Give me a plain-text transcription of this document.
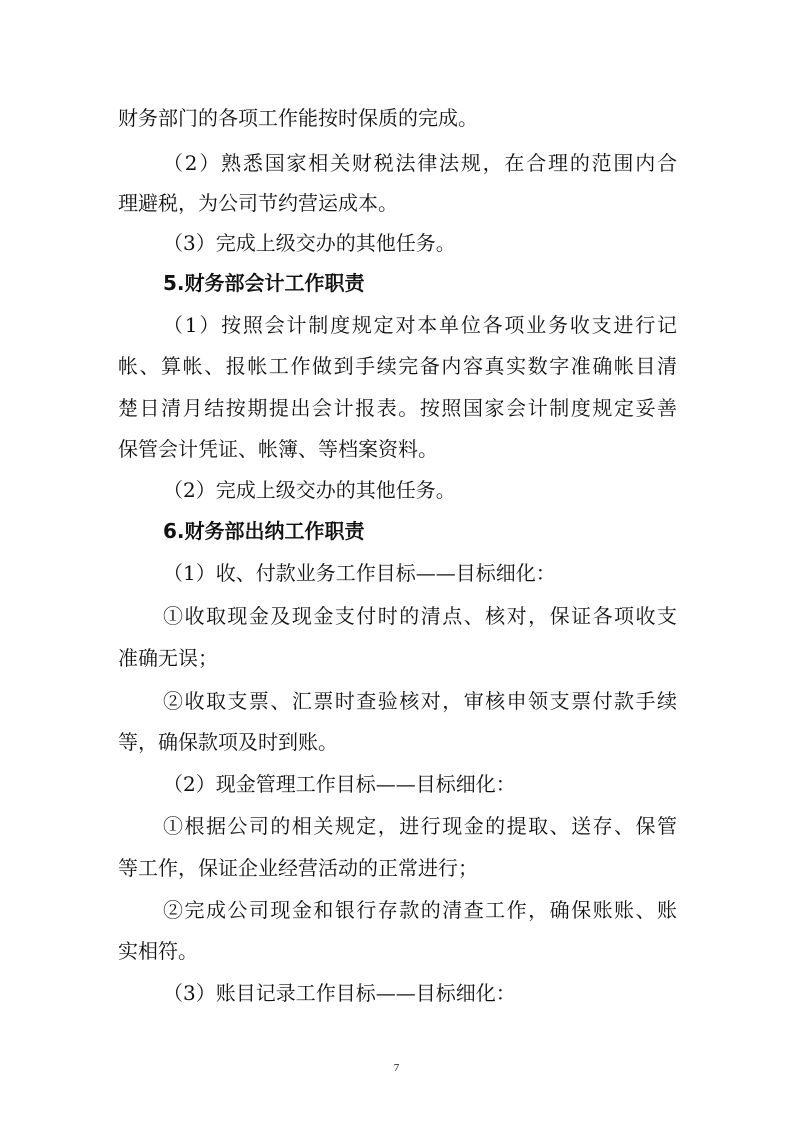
财务部门的各项工作能按时保质的完成。
（2）熟悉国家相关财税法律法规，在合理的范围内合
理避税，为公司节约营运成本。
（3）完成上级交办的其他任务。
5.财务部会计工作职责
（1）按照会计制度规定对本单位各项业务收支进行记
帐、算帐、报帐工作做到手续完备内容真实数字准确帐目清
楚日清月结按期提出会计报表。按照国家会计制度规定妥善
保管会计凭证、帐簿、等档案资料。
（2）完成上级交办的其他任务。
6.财务部出纳工作职责
（1）收、付款业务工作目标——目标细化：
①收取现金及现金支付时的清点、核对，保证各项收支
准确无误；
②收取支票、汇票时查验核对，审核申领支票付款手续
等，确保款项及时到账。
（2）现金管理工作目标——目标细化：
①根据公司的相关规定，进行现金的提取、送存、保管
等工作，保证企业经营活动的正常进行；
②完成公司现金和银行存款的清查工作，确保账账、账
实相符。
（3）账目记录工作目标——目标细化：
7
